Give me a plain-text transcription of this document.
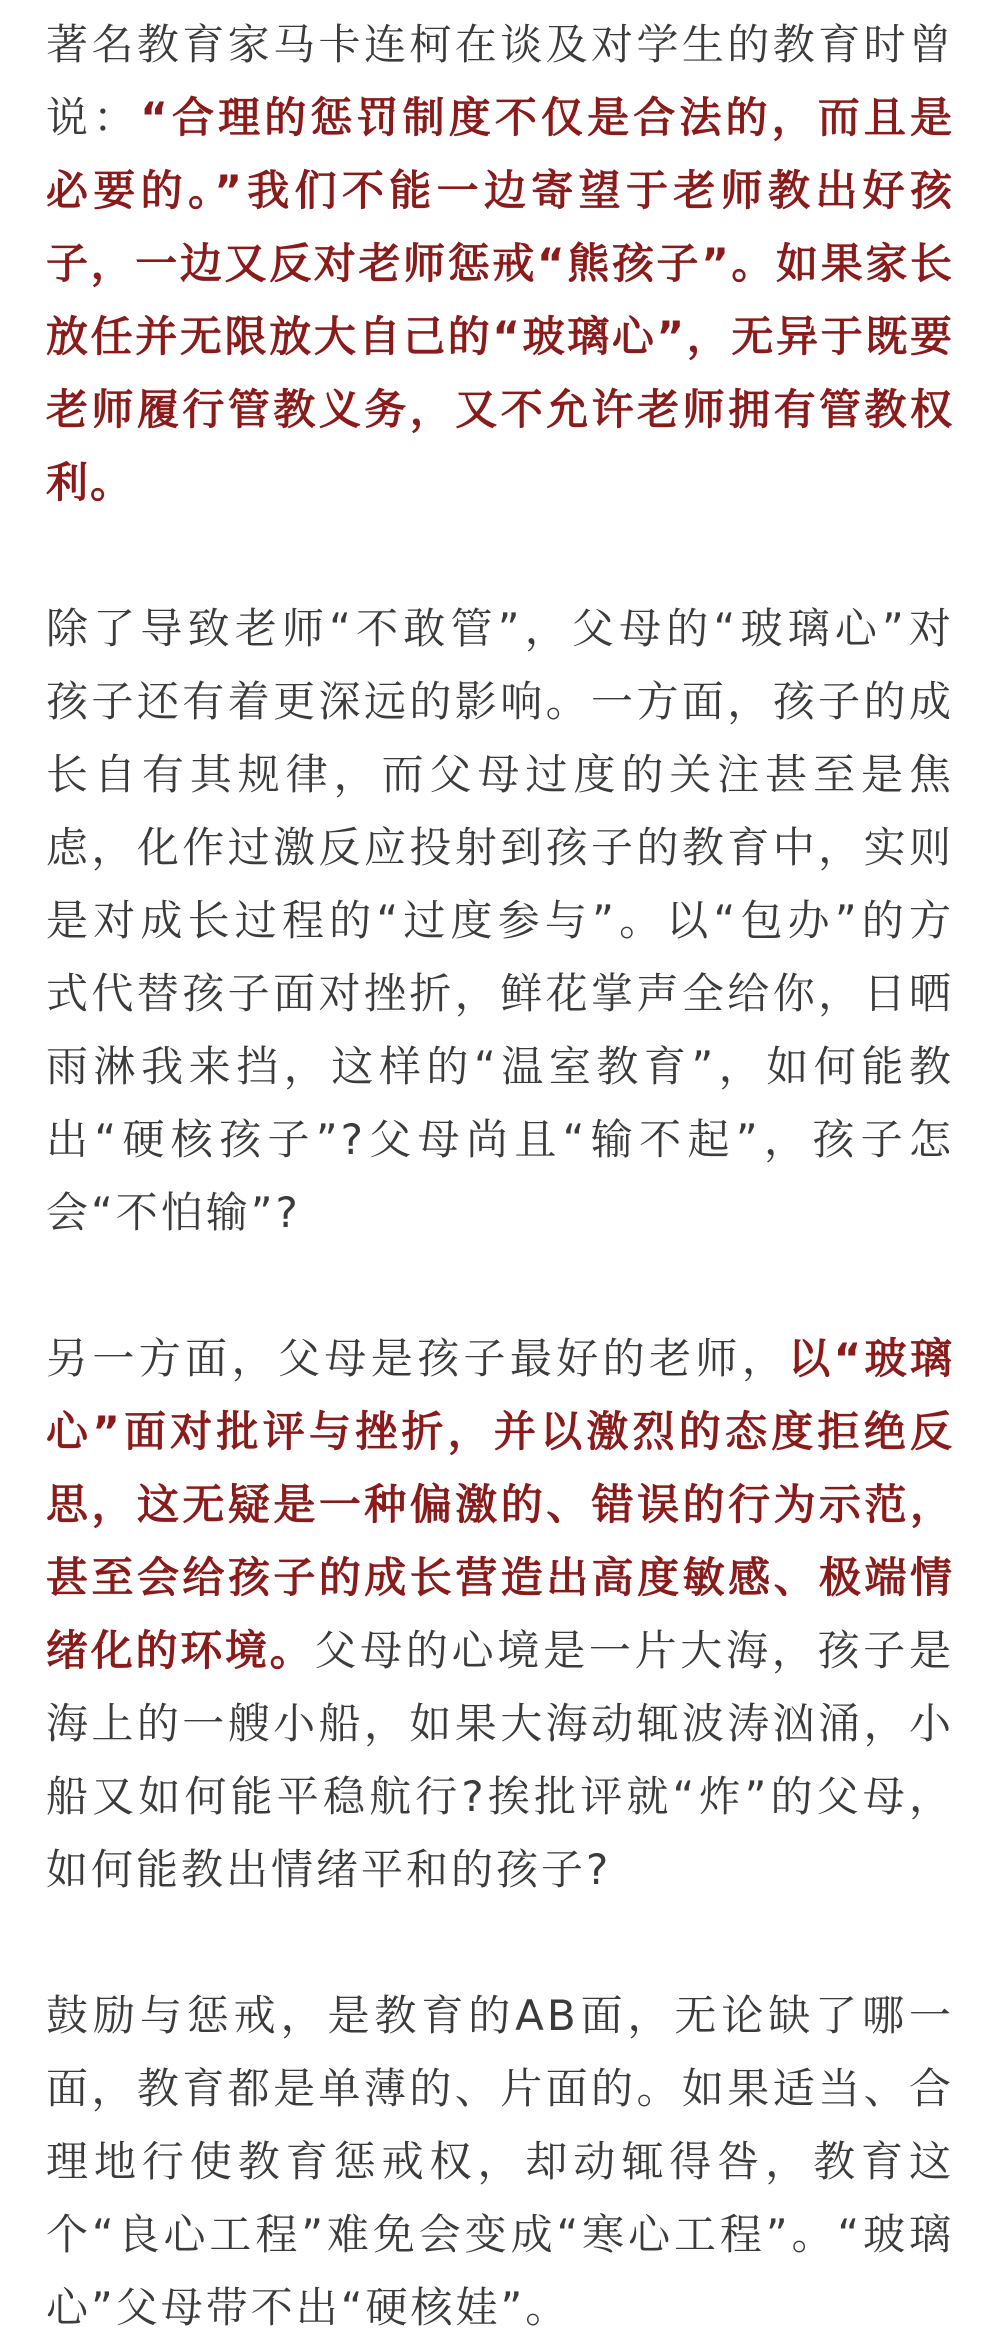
著名教育家马卡连柯在谈及对学生的教育时曾说：“合理的惩罚制度不仅是合法的，而且是必要的。”我们不能一边寄望于老师教出好孩子，一边又反对老师惩戒“熊孩子”。如果家长放任并无限放大自己的“玻璃心”，无异于既要老师履行管教义务，又不允许老师拥有管教权利。

除了导致老师“不敢管”，父母的“玻璃心”对孩子还有着更深远的影响。一方面，孩子的成长自有其规律，而父母过度的关注甚至是焦虑，化作过激反应投射到孩子的教育中，实则是对成长过程的“过度参与”。以“包办”的方式代替孩子面对挫折，鲜花掌声全给你，日晒雨淋我来挡，这样的“温室教育”，如何能教出“硬核孩子”?父母尚且“输不起”，孩子怎会“不怕输”?

另一方面，父母是孩子最好的老师，以“玻璃心”面对批评与挫折，并以激烈的态度拒绝反思，这无疑是一种偏激的、错误的行为示范，甚至会给孩子的成长营造出高度敏感、极端情绪化的环境。父母的心境是一片大海，孩子是海上的一艘小船，如果大海动辄波涛汹涌，小船又如何能平稳航行?挨批评就“炸”的父母，如何能教出情绪平和的孩子?

鼓励与惩戒，是教育的AB面，无论缺了哪一面，教育都是单薄的、片面的。如果适当、合理地行使教育惩戒权，却动辄得咎，教育这个“良心工程”难免会变成“寒心工程”。“玻璃心”父母带不出“硬核娃”。
